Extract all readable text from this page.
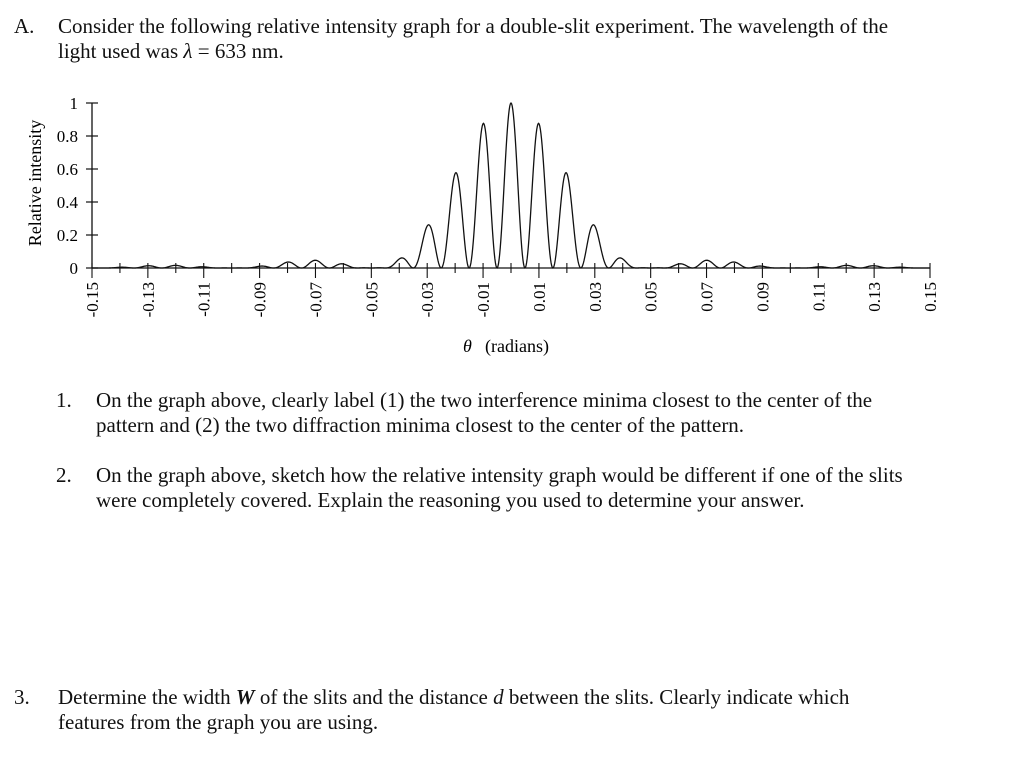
A. Consider the following relative intensity graph for a double-slit experiment. The wavelength of the
light used was λ = 633 nm.
Relative intensity
0
0.2
0.4
0.6
0.8
1
-0.15 -0.13 -0.11 -0.09 -0.07 -0.05 -0.03 -0.01 0.01 0.03 0.05 0.07 0.09 0.11 0.13 0.15
θ (radians)
1. On the graph above, clearly label (1) the two interference minima closest to the center of the
pattern and (2) the two diffraction minima closest to the center of the pattern.
2. On the graph above, sketch how the relative intensity graph would be different if one of the slits
were completely covered. Explain the reasoning you used to determine your answer.
3. Determine the width W of the slits and the distance d between the slits. Clearly indicate which
features from the graph you are using.
